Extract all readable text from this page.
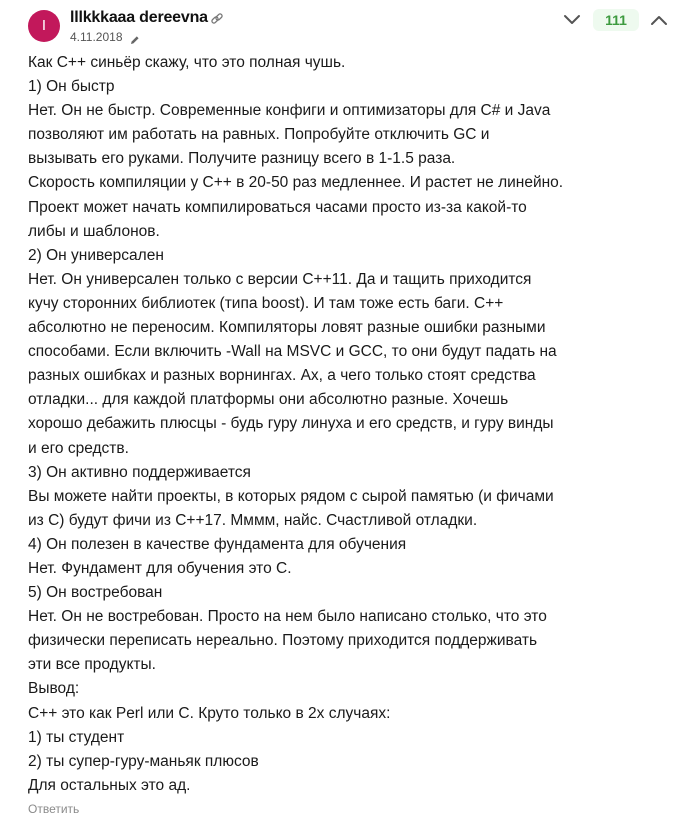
I	lllkkkaaa dereevna
4.11.2018
111

Как С++ синьёр скажу, что это полная чушь.

1) Он быстр

Нет. Он не быстр. Современные конфиги и оптимизаторы для C# и Java

позволяют им работать на равных. Попробуйте отключить GC и

вызывать его руками. Получите разницу всего в 1-1.5 раза.

Скорость компиляции у С++ в 20-50 раз медленнее. И растет не линейно.

Проект может начать компилироваться часами просто из-за какой-то

либы и шаблонов.

2) Он универсален

Нет. Он универсален только с версии С++11. Да и тащить приходится

кучу сторонних библиотек (типа boost). И там тоже есть баги. С++

абсолютно не переносим. Компиляторы ловят разные ошибки разными

способами. Если включить -Wall на MSVC и GCC, то они будут падать на

разных ошибках и разных ворнингах. Ах, а чего только стоят средства

отладки... для каждой платформы они абсолютно разные. Хочешь

хорошо дебажить плюсцы - будь гуру линуха и его средств, и гуру винды

и его средств.

3) Он активно поддерживается

Вы можете найти проекты, в которых рядом с сырой памятью (и фичами

из С) будут фичи из С++17. Мммм, найс. Счастливой отладки.

4) Он полезен в качестве фундамента для обучения

Нет. Фундамент для обучения это С.

5) Он востребован

Нет. Он не востребован. Просто на нем было написано столько, что это

физически переписать нереально. Поэтому приходится поддерживать

эти все продукты.

Вывод:

С++ это как Perl или C. Круто только в 2х случаях:

1) ты студент

2) ты супер-гуру-маньяк плюсов

Для остальных это ад.

Ответить
